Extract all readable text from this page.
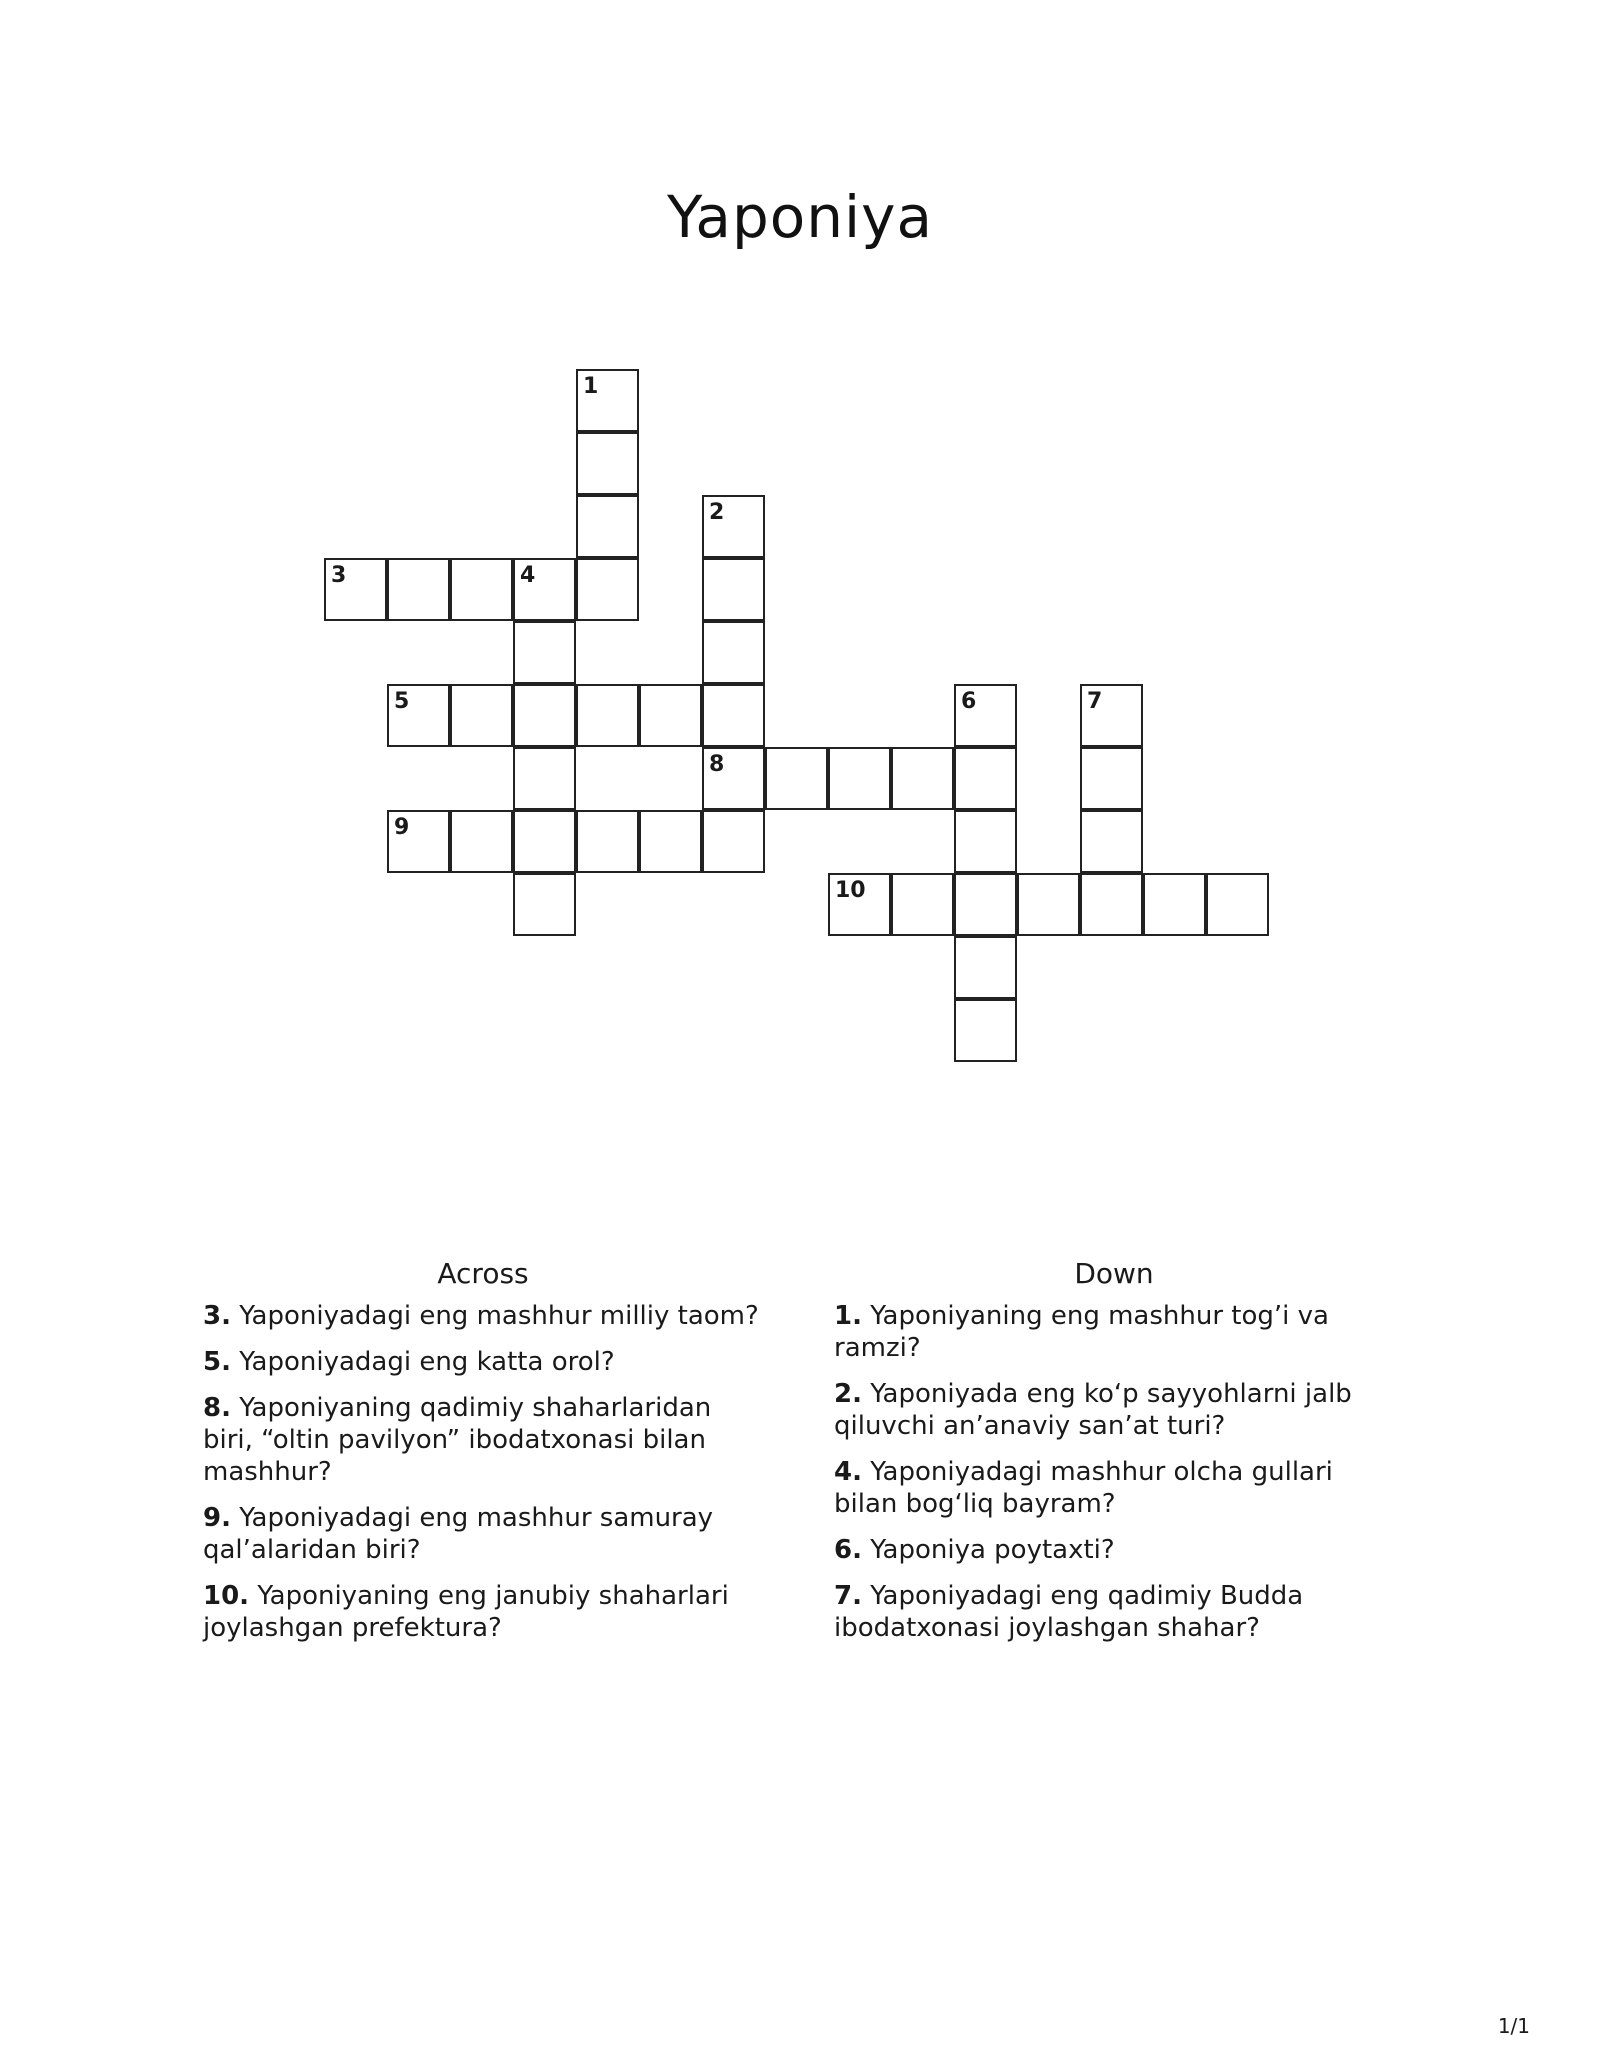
Yaponiya
1
2
3	4
5	6	7
8
9
10
Across
3. Yaponiyadagi eng mashhur milliy taom?
5. Yaponiyadagi eng katta orol?
8. Yaponiyaning qadimiy shaharlaridan biri, “oltin pavilyon” ibodatxonasi bilan mashhur?
9. Yaponiyadagi eng mashhur samuray qal’alaridan biri?
10. Yaponiyaning eng janubiy shaharlari joylashgan prefektura?
Down
1. Yaponiyaning eng mashhur tog’i va ramzi?
2. Yaponiyada eng ko‘p sayyohlarni jalb qiluvchi an’anaviy san’at turi?
4. Yaponiyadagi mashhur olcha gullari bilan bog‘liq bayram?
6. Yaponiya poytaxti?
7. Yaponiyadagi eng qadimiy Budda ibodatxonasi joylashgan shahar?
1/1
